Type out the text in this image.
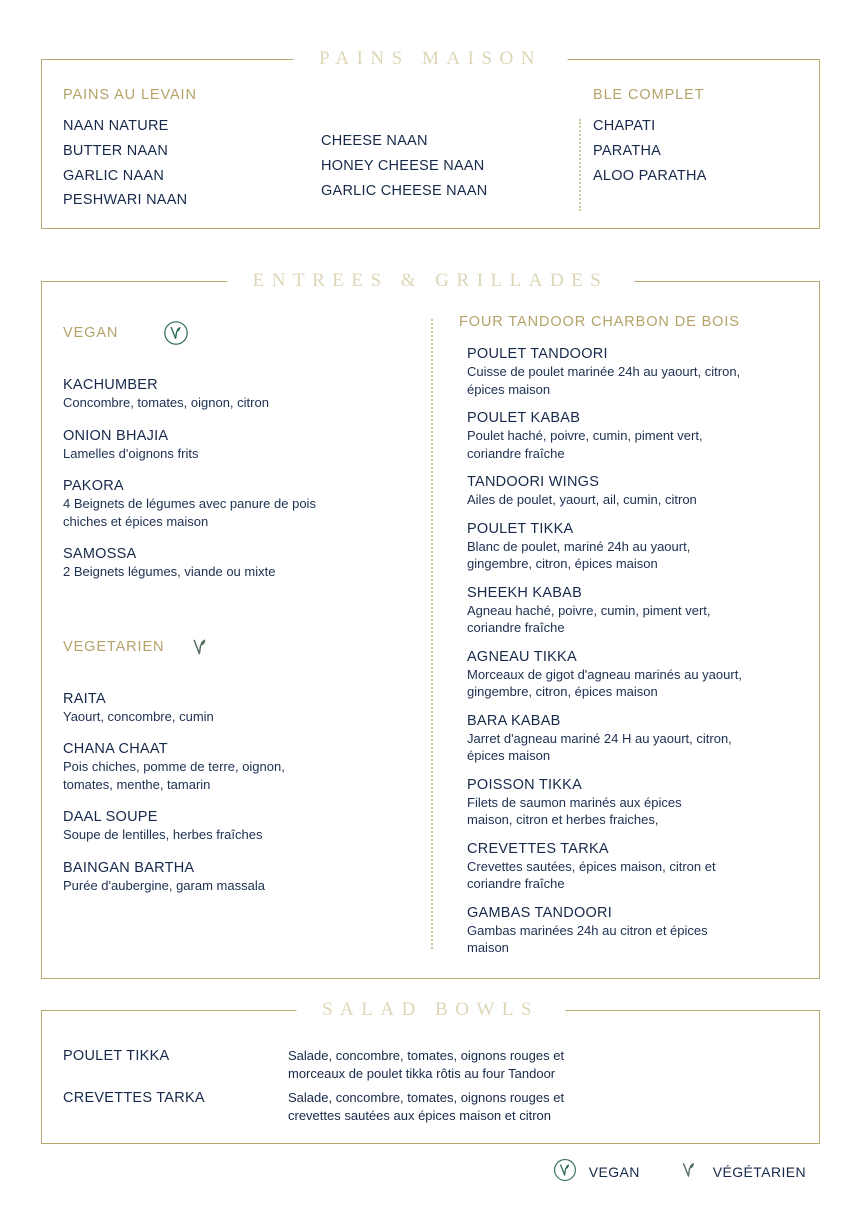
PAINS MAISON
PAINS AU LEVAIN
NAAN NATURE
BUTTER NAAN
GARLIC NAAN
PESHWARI NAAN
CHEESE NAAN
HONEY CHEESE NAAN
GARLIC CHEESE NAAN
BLE COMPLET
CHAPATI
PARATHA
ALOO PARATHA
ENTREES & GRILLADES
VEGAN
KACHUMBER
Concombre, tomates, oignon, citron
ONION BHAJIA
Lamelles d'oignons frits
PAKORA
4 Beignets de légumes avec panure de pois chiches et épices maison
SAMOSSA
2 Beignets légumes, viande ou mixte
VEGETARIEN
RAITA
Yaourt, concombre, cumin
CHANA CHAAT
Pois chiches, pomme de terre, oignon, tomates, menthe, tamarin
DAAL SOUPE
Soupe de lentilles, herbes fraîches
BAINGAN BARTHA
Purée d'aubergine, garam massala
FOUR TANDOOR CHARBON DE BOIS
POULET TANDOORI
Cuisse de poulet marinée 24h au yaourt, citron, épices maison
POULET KABAB
Poulet haché, poivre, cumin, piment vert, coriandre fraîche
TANDOORI WINGS
Ailes de poulet, yaourt, ail, cumin, citron
POULET TIKKA
Blanc de poulet, mariné 24h au yaourt, gingembre, citron, épices maison
SHEEKH KABAB
Agneau haché, poivre, cumin, piment vert, coriandre fraîche
AGNEAU TIKKA
Morceaux de gigot d'agneau marinés au yaourt, gingembre, citron, épices maison
BARA KABAB
Jarret d'agneau mariné 24 H au yaourt, citron, épices maison
POISSON TIKKA
Filets de saumon marinés aux épices maison, citron et herbes fraiches,
CREVETTES TARKA
Crevettes sautées, épices maison, citron et coriandre fraîche
GAMBAS TANDOORI
Gambas marinées 24h au citron et épices maison
SALAD BOWLS
POULET TIKKA	Salade, concombre, tomates, oignons rouges et morceaux de poulet tikka rôtis au four Tandoor
CREVETTES TARKA	Salade, concombre, tomates, oignons rouges et crevettes sautées aux épices maison et citron
VEGAN	VÉGÉTARIEN
